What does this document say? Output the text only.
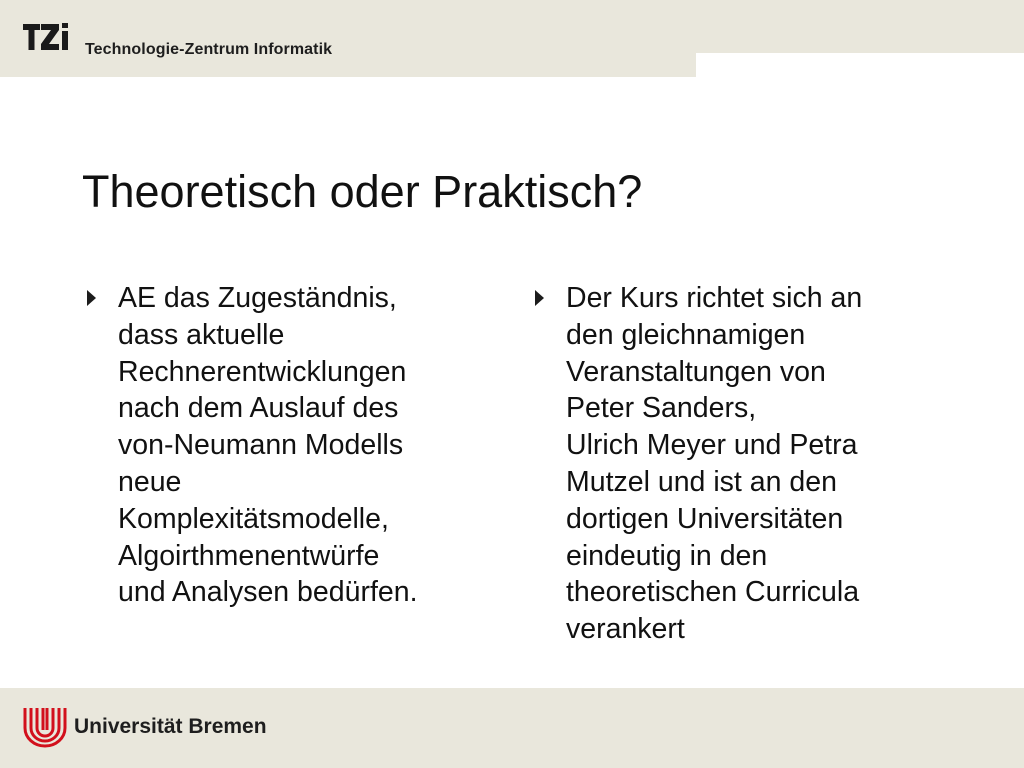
Technologie-Zentrum Informatik
Theoretisch oder Praktisch?
AE das Zugeständnis,
dass aktuelle
Rechnerentwicklungen
nach dem Auslauf des
von-Neumann Modells
neue
Komplexitätsmodelle,
Algoirthmenentwürfe
und Analysen bedürfen.
Der Kurs richtet sich an
den gleichnamigen
Veranstaltungen von
Peter Sanders,
Ulrich Meyer und Petra
Mutzel und ist an den
dortigen Universitäten
eindeutig in den
theoretischen Curricula
verankert
Universität Bremen
